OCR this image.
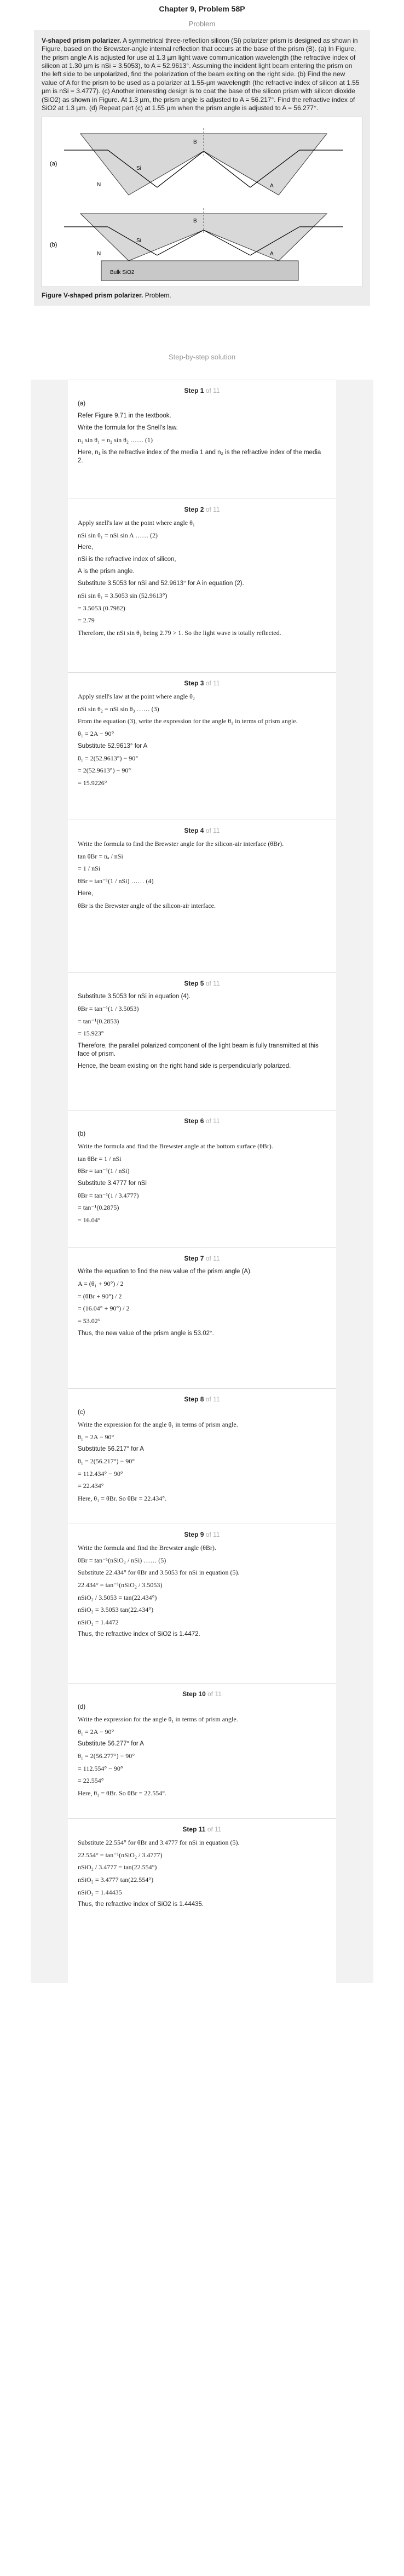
Chapter 9, Problem 58P
Problem

V-shaped prism polarizer. A symmetrical three-reflection silicon (Si) polarizer prism is designed as shown in Figure, based on the Brewster-angle internal reflection that occurs at the base of the prism (B). (a) In Figure, the prism angle A is adjusted for use at 1.3 µm light wave communication wavelength (the refractive index of silicon at 1.30 µm is nSi = 3.5053), to A = 52.9613°. Assuming the incident light beam entering the prism on the left side to be unpolarized, find the polarization of the beam exiting on the right side. (b) Find the new value of A for the prism to be used as a polarizer at 1.55-µm wavelength (the refractive index of silicon at 1.55 µm is nSi = 3.4777). (c) Another interesting design is to coat the base of the silicon prism with silicon dioxide (SiO2) as shown in Figure. At 1.3 µm, the prism angle is adjusted to A = 56.217°. Find the refractive index of SiO2 at 1.3 µm. (d) Repeat part (c) at 1.55 µm when the prism angle is adjusted to A = 56.277°.

(a)
N
Si
B
A
(b)
N
Si
B
A
Bulk SiO2
Figure V-shaped prism polarizer. Problem.
Step-by-step solution
Step 1 of 11
(a)
Refer Figure 9.71 in the textbook.
Write the formula for the Snell's law.
n₁ sin θ₁ = n₂ sin θ₂ …… (1)
Here, n₁ is the refractive index of the media 1 and n₂ is the refractive index of the media 2.
Step 2 of 11
Apply snell's law at the point where angle θ₁
nSi sin θ₁ = nSi sin A …… (2)
Here,
nSi is the refractive index of silicon,
A is the prism angle.
Substitute 3.5053 for nSi and 52.9613° for A in equation (2).
nSi sin θ₁ = 3.5053 sin (52.9613°)
= 3.5053 (0.7982)
= 2.79
Therefore, the nSi sin θ₁ being 2.79 > 1. So the light wave is totally reflected.
Step 3 of 11
Apply snell's law at the point where angle θ₂
nSi sin θ₂ = nSi sin θ₃ …… (3)
From the equation (3), write the expression for the angle θ₁ in terms of prism angle.
θ₁ = 2A − 90°
Substitute 52.9613° for A
θ₁ = 2(52.9613°) − 90°
= 2(52.9613°) − 90°
= 15.9226°
Step 4 of 11
Write the formula to find the Brewster angle for the silicon-air interface (θBr).
tan θBr = nₐ / nSi
= 1 / nSi
θBr = tan⁻¹(1 / nSi) …… (4)
Here,
θBr is the Brewster angle of the silicon-air interface.
Step 5 of 11
Substitute 3.5053 for nSi in equation (4).
θBr = tan⁻¹(1 / 3.5053)
= tan⁻¹(0.2853)
= 15.923°
Therefore, the parallel polarized component of the light beam is fully transmitted at this face of prism.
Hence, the beam existing on the right hand side is perpendicularly polarized.
Step 6 of 11
(b)
Write the formula and find the Brewster angle at the bottom surface (θBr).
tan θBr = 1 / nSi
θBr = tan⁻¹(1 / nSi)
Substitute 3.4777 for nSi
θBr = tan⁻¹(1 / 3.4777)
= tan⁻¹(0.2875)
= 16.04°
Step 7 of 11
Write the equation to find the new value of the prism angle (A).
A = (θ₁ + 90°) / 2
= (θBr + 90°) / 2
= (16.04° + 90°) / 2
= 53.02°
Thus, the new value of the prism angle is 53.02°.
Step 8 of 11
(c)
Write the expression for the angle θ₁ in terms of prism angle.
θ₁ = 2A − 90°
Substitute 56.217° for A
θ₁ = 2(56.217°) − 90°
= 112.434° − 90°
= 22.434°
Here, θ₁ = θBr. So θBr = 22.434°.
Step 9 of 11
Write the formula and find the Brewster angle (θBr).
θBr = tan⁻¹(nSiO₂ / nSi) …… (5)
Substitute 22.434° for θBr and 3.5053 for nSi in equation (5).
22.434° = tan⁻¹(nSiO₂ / 3.5053)
nSiO₂ / 3.5053 = tan(22.434°)
nSiO₂ = 3.5053 tan(22.434°)
nSiO₂ = 1.4472
Thus, the refractive index of SiO2 is 1.4472.
Step 10 of 11
(d)
Write the expression for the angle θ₁ in terms of prism angle.
θ₁ = 2A − 90°
Substitute 56.277° for A
θ₁ = 2(56.277°) − 90°
= 112.554° − 90°
= 22.554°
Here, θ₁ = θBr. So θBr = 22.554°.
Step 11 of 11
Substitute 22.554° for θBr and 3.4777 for nSi in equation (5).
22.554° = tan⁻¹(nSiO₂ / 3.4777)
nSiO₂ / 3.4777 = tan(22.554°)
nSiO₂ = 3.4777 tan(22.554°)
nSiO₂ = 1.44435
Thus, the refractive index of SiO2 is 1.44435.
